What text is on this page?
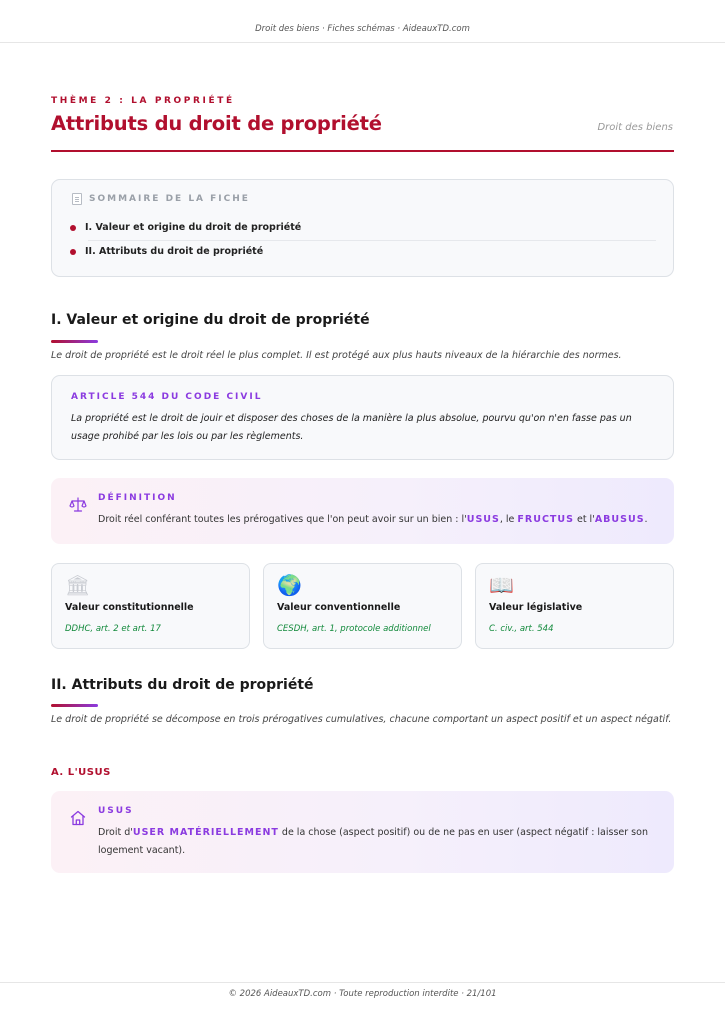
Droit des biens · Fiches schémas · AideauxTD.com
THÈME 2 : LA PROPRIÉTÉ
Attributs du droit de propriété	Droit des biens
SOMMAIRE DE LA FICHE
I. Valeur et origine du droit de propriété
II. Attributs du droit de propriété
I. Valeur et origine du droit de propriété
Le droit de propriété est le droit réel le plus complet. Il est protégé aux plus hauts niveaux de la hiérarchie des normes.
ARTICLE 544 DU CODE CIVIL
La propriété est le droit de jouir et disposer des choses de la manière la plus absolue, pourvu qu'on n'en fasse pas un usage prohibé par les lois ou par les règlements.
DÉFINITION
Droit réel conférant toutes les prérogatives que l'on peut avoir sur un bien : l'USUS, le FRUCTUS et l'ABUSUS.
🏛
Valeur constitutionnelle
DDHC, art. 2 et art. 17
🌍
Valeur conventionnelle
CESDH, art. 1, protocole additionnel
📖
Valeur législative
C. civ., art. 544
II. Attributs du droit de propriété
Le droit de propriété se décompose en trois prérogatives cumulatives, chacune comportant un aspect positif et un aspect négatif.
A. L'USUS
USUS
Droit d'USER MATÉRIELLEMENT de la chose (aspect positif) ou de ne pas en user (aspect négatif : laisser son logement vacant).
© 2026 AideauxTD.com · Toute reproduction interdite · 21/101
